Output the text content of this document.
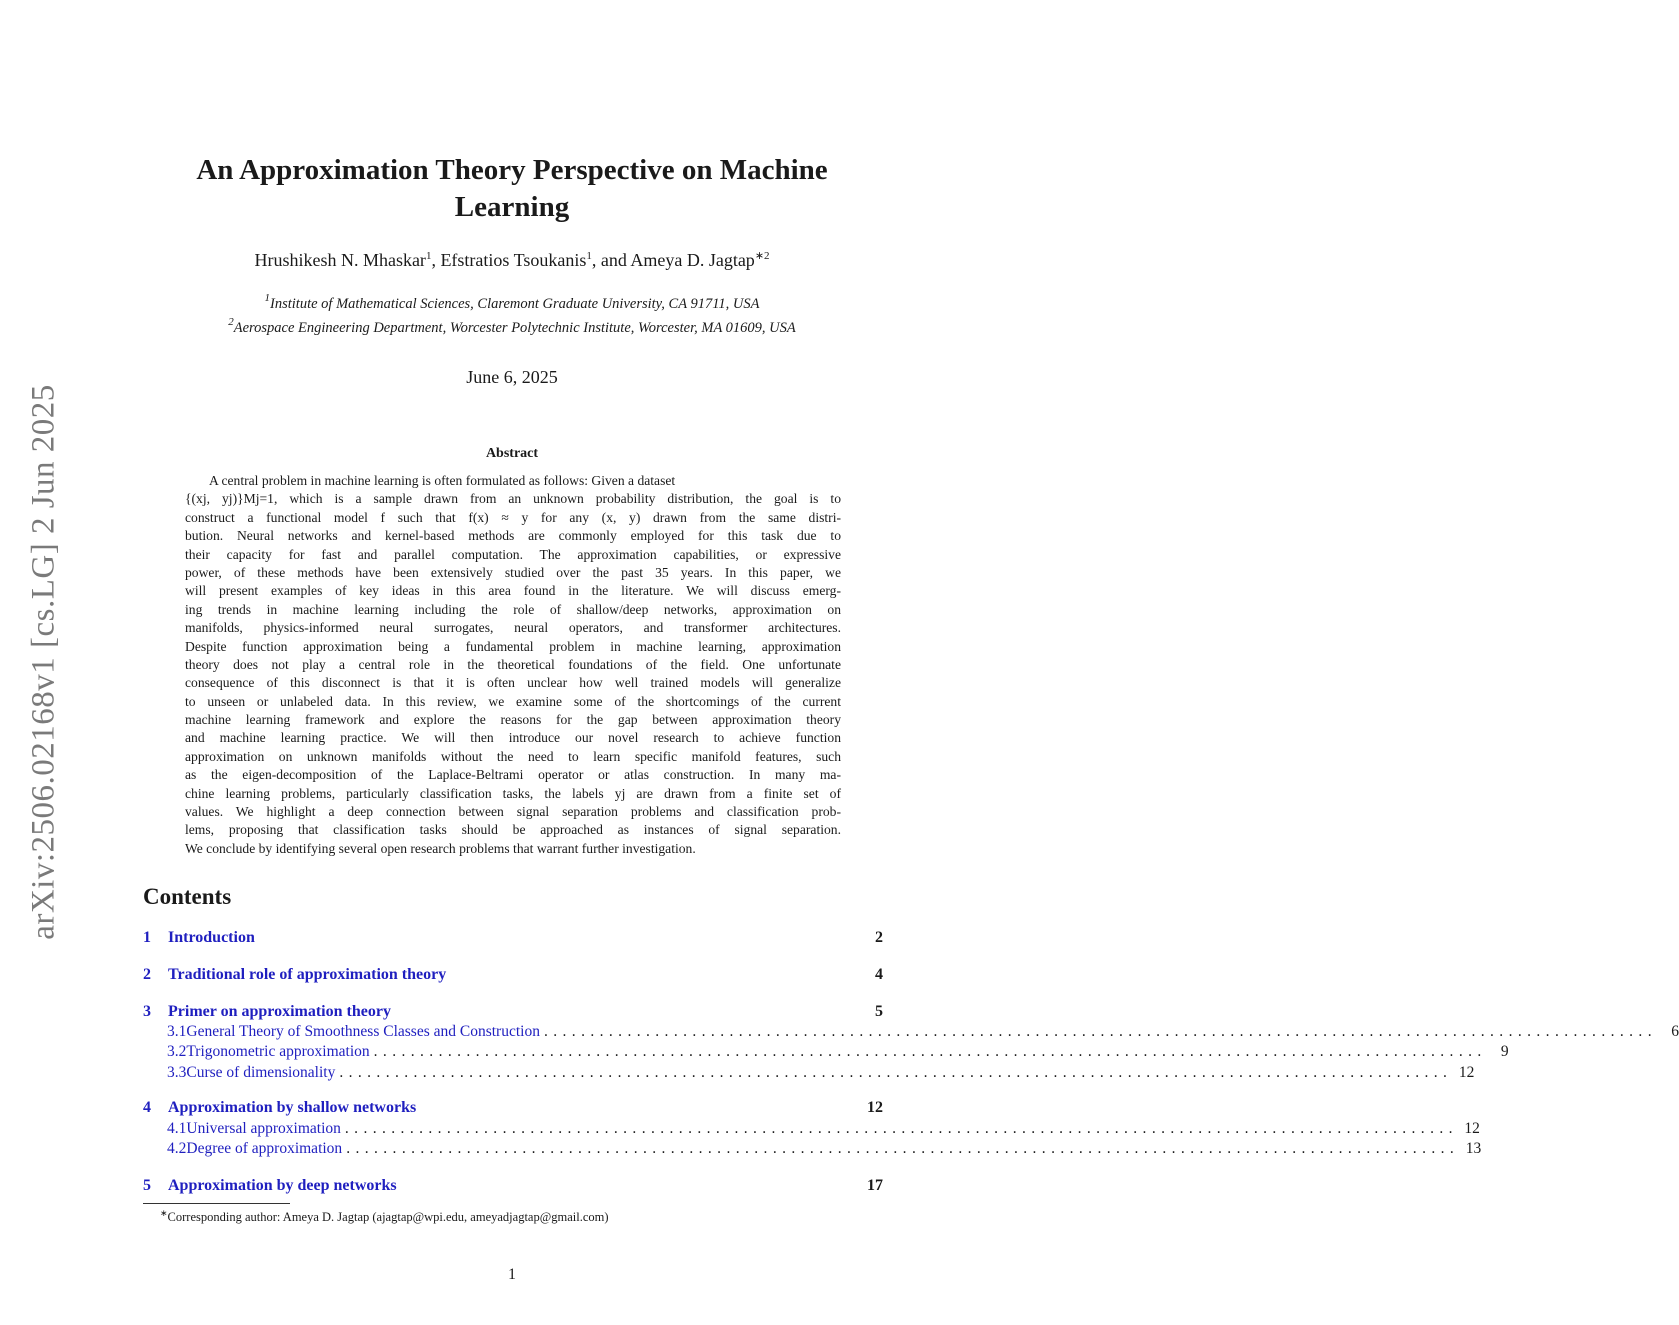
arXiv:2506.02168v1 [cs.LG] 2 Jun 2025
An Approximation Theory Perspective on Machine
Learning
Hrushikesh N. Mhaskar$^1$, Efstratios Tsoukanis$^1$, and Ameya D. Jagtap$^{∗2}$
$^1$Institute of Mathematical Sciences, Claremont Graduate University, CA 91711, USA
$^2$Aerospace Engineering Department, Worcester Polytechnic Institute, Worcester, MA 01609, USA
June 6, 2025
Abstract
A central problem in machine learning is often formulated as follows: Given a dataset
{(xj, yj)}Mj=1, which is a sample drawn from an unknown probability distribution, the goal is to
construct a functional model f such that f(x) ≈ y for any (x, y) drawn from the same distri-
bution. Neural networks and kernel-based methods are commonly employed for this task due to
their capacity for fast and parallel computation. The approximation capabilities, or expressive
power, of these methods have been extensively studied over the past 35 years. In this paper, we
will present examples of key ideas in this area found in the literature. We will discuss emerg-
ing trends in machine learning including the role of shallow/deep networks, approximation on
manifolds, physics-informed neural surrogates, neural operators, and transformer architectures.
Despite function approximation being a fundamental problem in machine learning, approximation
theory does not play a central role in the theoretical foundations of the field. One unfortunate
consequence of this disconnect is that it is often unclear how well trained models will generalize
to unseen or unlabeled data. In this review, we examine some of the shortcomings of the current
machine learning framework and explore the reasons for the gap between approximation theory
and machine learning practice. We will then introduce our novel research to achieve function
approximation on unknown manifolds without the need to learn specific manifold features, such
as the eigen-decomposition of the Laplace-Beltrami operator or atlas construction. In many ma-
chine learning problems, particularly classification tasks, the labels yj are drawn from a finite set of
values. We highlight a deep connection between signal separation problems and classification prob-
lems, proposing that classification tasks should be approached as instances of signal separation.
We conclude by identifying several open research problems that warrant further investigation.
Contents
1	Introduction	2
2	Traditional role of approximation theory	4
3	Primer on approximation theory	5
3.1 General Theory of Smoothness Classes and Construction ........................................................................................................................ 6
3.2 Trigonometric approximation ........................................................................................................................ 9
3.3 Curse of dimensionality ........................................................................................................................ 12
4	Approximation by shallow networks	12
4.1 Universal approximation ........................................................................................................................ 12
4.2 Degree of approximation ........................................................................................................................ 13
5	Approximation by deep networks	17
∗Corresponding author: Ameya D. Jagtap (ajagtap@wpi.edu, ameyadjagtap@gmail.com)
1
